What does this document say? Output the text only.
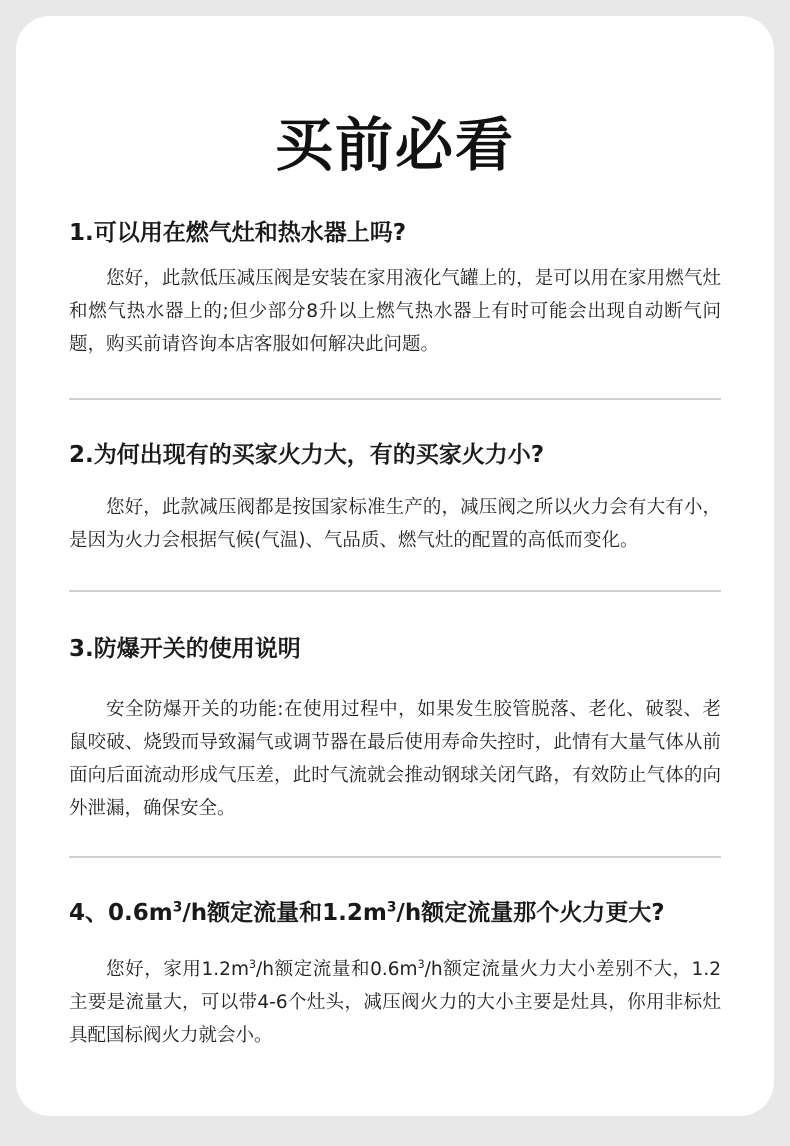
买前必看

1.可以用在燃气灶和热水器上吗?

您好，此款低压减压阀是安装在家用液化气罐上的，是可以用在家用燃气灶和燃气热水器上的;但少部分8升以上燃气热水器上有时可能会出现自动断气问题，购买前请咨询本店客服如何解决此问题。

2.为何出现有的买家火力大，有的买家火力小?

您好，此款减压阀都是按国家标准生产的，减压阀之所以火力会有大有小，是因为火力会根据气候(气温)、气品质、燃气灶的配置的高低而变化。

3.防爆开关的使用说明

安全防爆开关的功能:在使用过程中，如果发生胶管脱落、老化、破裂、老鼠咬破、烧毁而导致漏气或调节器在最后使用寿命失控时，此情有大量气体从前面向后面流动形成气压差，此时气流就会推动钢球关闭气路，有效防止气体的向外泄漏，确保安全。

4、$0.6m^3/h$额定流量和$1.2m^3/h$额定流量那个火力更大?

您好，家用$1.2m^3/h$额定流量和$0.6m^3/h$额定流量火力大小差别不大，1.2主要是流量大，可以带4-6个灶头，减压阀火力的大小主要是灶具，你用非标灶具配国标阀火力就会小。
